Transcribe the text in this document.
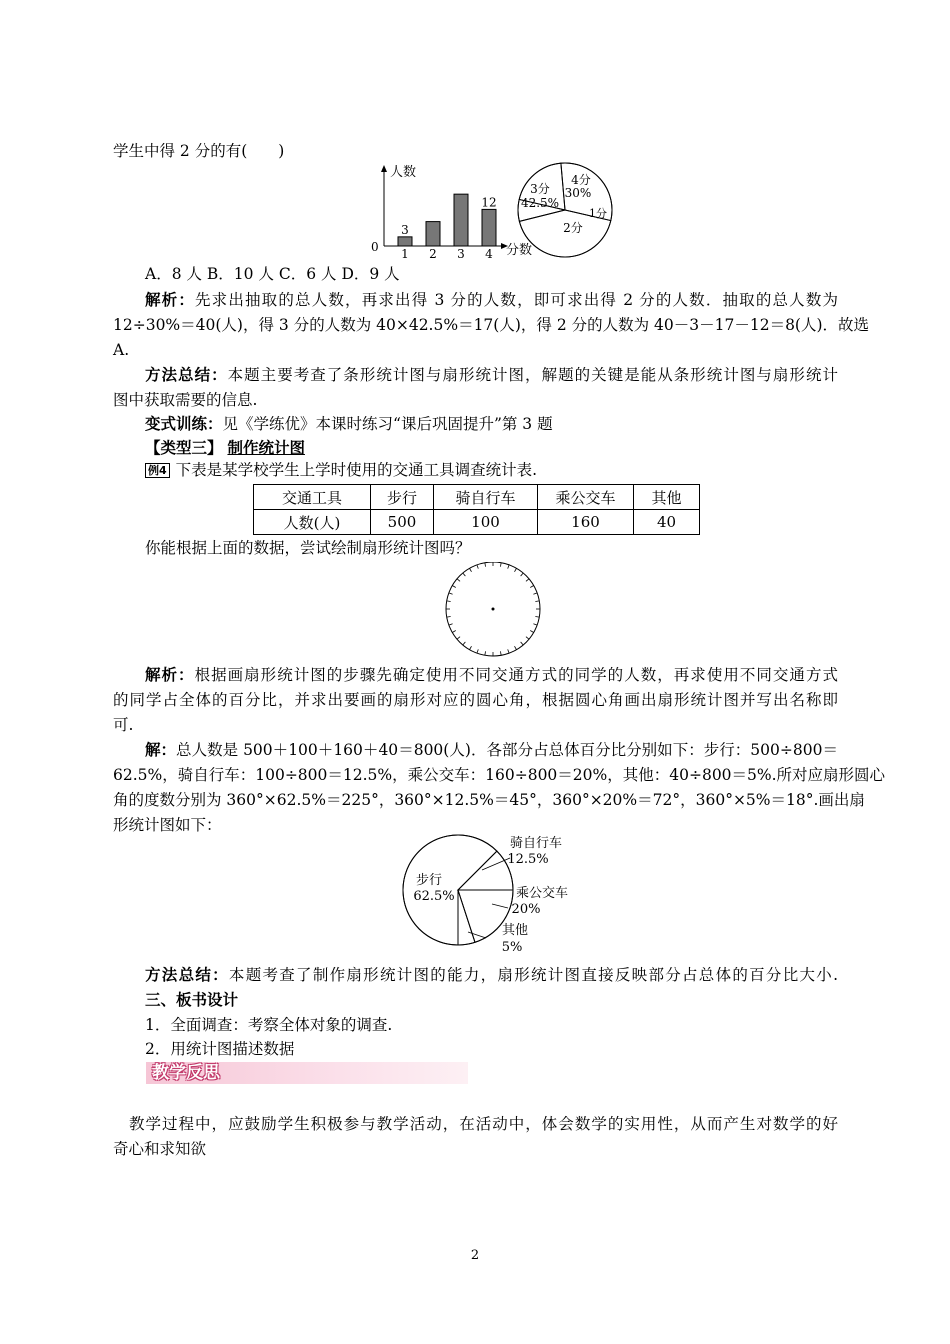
学生中得 2 分的有(　　)
人数
分数
0 1
3
2 3 4
12
4分
30%
3分
42.5%
1分
2分
A．8 人 B．10 人 C．6 人 D．9 人
解析：先求出抽取的总人数，再求出得 3 分的人数，即可求出得 2 分的人数．抽取的总人数为
12÷30%＝40(人)，得 3 分的人数为 40×42.5%＝17(人)，得 2 分的人数为 40－3－17－12＝8(人)．故选
A.
方法总结：本题主要考查了条形统计图与扇形统计图，解题的关键是能从条形统计图与扇形统计
图中获取需要的信息.
变式训练：见《学练优》本课时练习“课后巩固提升”第 3 题
【类型三】 制作统计图
例4 下表是某学校学生上学时使用的交通工具调查统计表.
交通工具	步行	骑自行车	乘公交车	其他
人数(人)	500	100	160	40
你能根据上面的数据，尝试绘制扇形统计图吗？
解析：根据画扇形统计图的步骤先确定使用不同交通方式的同学的人数，再求使用不同交通方式
的同学占全体的百分比，并求出要画的扇形对应的圆心角，根据圆心角画出扇形统计图并写出名称即
可.
解：总人数是 500＋100＋160＋40＝800(人)．各部分占总体百分比分别如下：步行：500÷800＝
62.5%，骑自行车：100÷800＝12.5%，乘公交车：160÷800＝20%，其他：40÷800＝5%.所对应扇形圆心
角的度数分别为 360°×62.5%＝225°，360°×12.5%＝45°，360°×20%＝72°，360°×5%＝18°.画出扇
形统计图如下：
步行
62.5%
骑自行车
12.5%
乘公交车
20%
其他
5%
方法总结：本题考查了制作扇形统计图的能力，扇形统计图直接反映部分占总体的百分比大小.
三、板书设计
1．全面调查：考察全体对象的调查.
2．用统计图描述数据
教学反思
教学过程中，应鼓励学生积极参与教学活动，在活动中，体会数学的实用性，从而产生对数学的好
奇心和求知欲
2
